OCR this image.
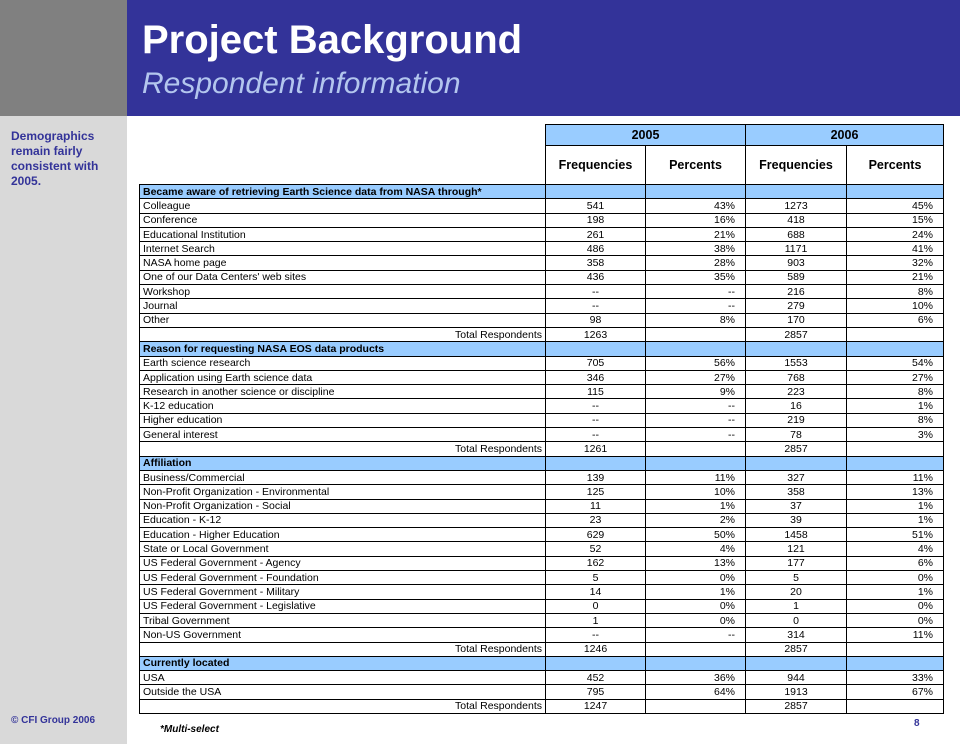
Project Background
Respondent information
Demographics remain fairly consistent with 2005.
© CFI Group 2006
	2005		2006	
	Frequencies	Percents	Frequencies	Percents
Became aware of retrieving Earth Science data from NASA through*				
Colleague	541	43%	1273	45%
Conference	198	16%	418	15%
Educational Institution	261	21%	688	24%
Internet Search	486	38%	1171	41%
NASA home page	358	28%	903	32%
One of our Data Centers' web sites	436	35%	589	21%
Workshop	--	--	216	8%
Journal	--	--	279	10%
Other	98	8%	170	6%
Total Respondents	1263		2857	
Reason for requesting NASA EOS data products				
Earth science research	705	56%	1553	54%
Application using Earth science data	346	27%	768	27%
Research in another science or discipline	115	9%	223	8%
K-12 education	--	--	16	1%
Higher education	--	--	219	8%
General interest	--	--	78	3%
Total Respondents	1261		2857	
Affiliation				
Business/Commercial	139	11%	327	11%
Non-Profit Organization - Environmental	125	10%	358	13%
Non-Profit Organization - Social	11	1%	37	1%
Education - K-12	23	2%	39	1%
Education - Higher Education	629	50%	1458	51%
State or Local Government	52	4%	121	4%
US Federal Government - Agency	162	13%	177	6%
US Federal Government - Foundation	5	0%	5	0%
US Federal Government - Military	14	1%	20	1%
US Federal Government - Legislative	0	0%	1	0%
Tribal Government	1	0%	0	0%
Non-US Government	--	--	314	11%
Total Respondents	1246		2857	
Currently located				
USA	452	36%	944	33%
Outside the USA	795	64%	1913	67%
Total Respondents	1247		2857	
8
*Multi-select
